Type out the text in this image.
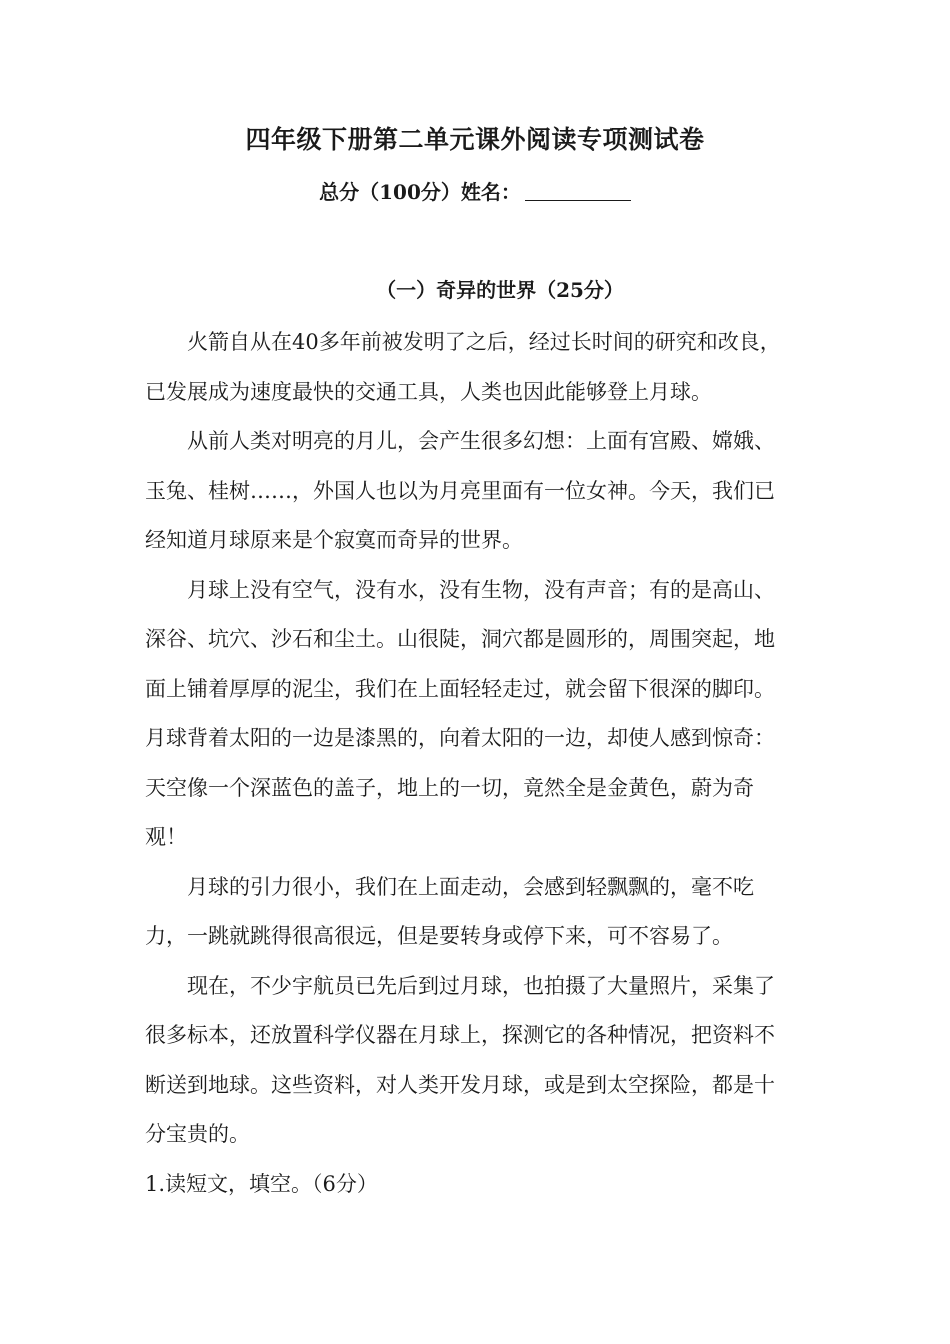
四年级下册第二单元课外阅读专项测试卷
总分（100分）姓名：
（一）奇异的世界（25分）

火箭自从在40多年前被发明了之后，经过长时间的研究和改良，已发展成为速度最快的交通工具，人类也因此能够登上月球。

从前人类对明亮的月儿，会产生很多幻想：上面有宫殿、嫦娥、玉兔、桂树……，外国人也以为月亮里面有一位女神。今天，我们已经知道月球原来是个寂寞而奇异的世界。

月球上没有空气，没有水，没有生物，没有声音；有的是高山、深谷、坑穴、沙石和尘土。山很陡，洞穴都是圆形的，周围突起，地面上铺着厚厚的泥尘，我们在上面轻轻走过，就会留下很深的脚印。月球背着太阳的一边是漆黑的，向着太阳的一边，却使人感到惊奇：天空像一个深蓝色的盖子，地上的一切，竟然全是金黄色，蔚为奇观！

月球的引力很小，我们在上面走动，会感到轻飘飘的，毫不吃力，一跳就跳得很高很远，但是要转身或停下来，可不容易了。

现在，不少宇航员已先后到过月球，也拍摄了大量照片，采集了很多标本，还放置科学仪器在月球上，探测它的各种情况，把资料不断送到地球。这些资料，对人类开发月球，或是到太空探险，都是十分宝贵的。

1.读短文，填空。（6分）
